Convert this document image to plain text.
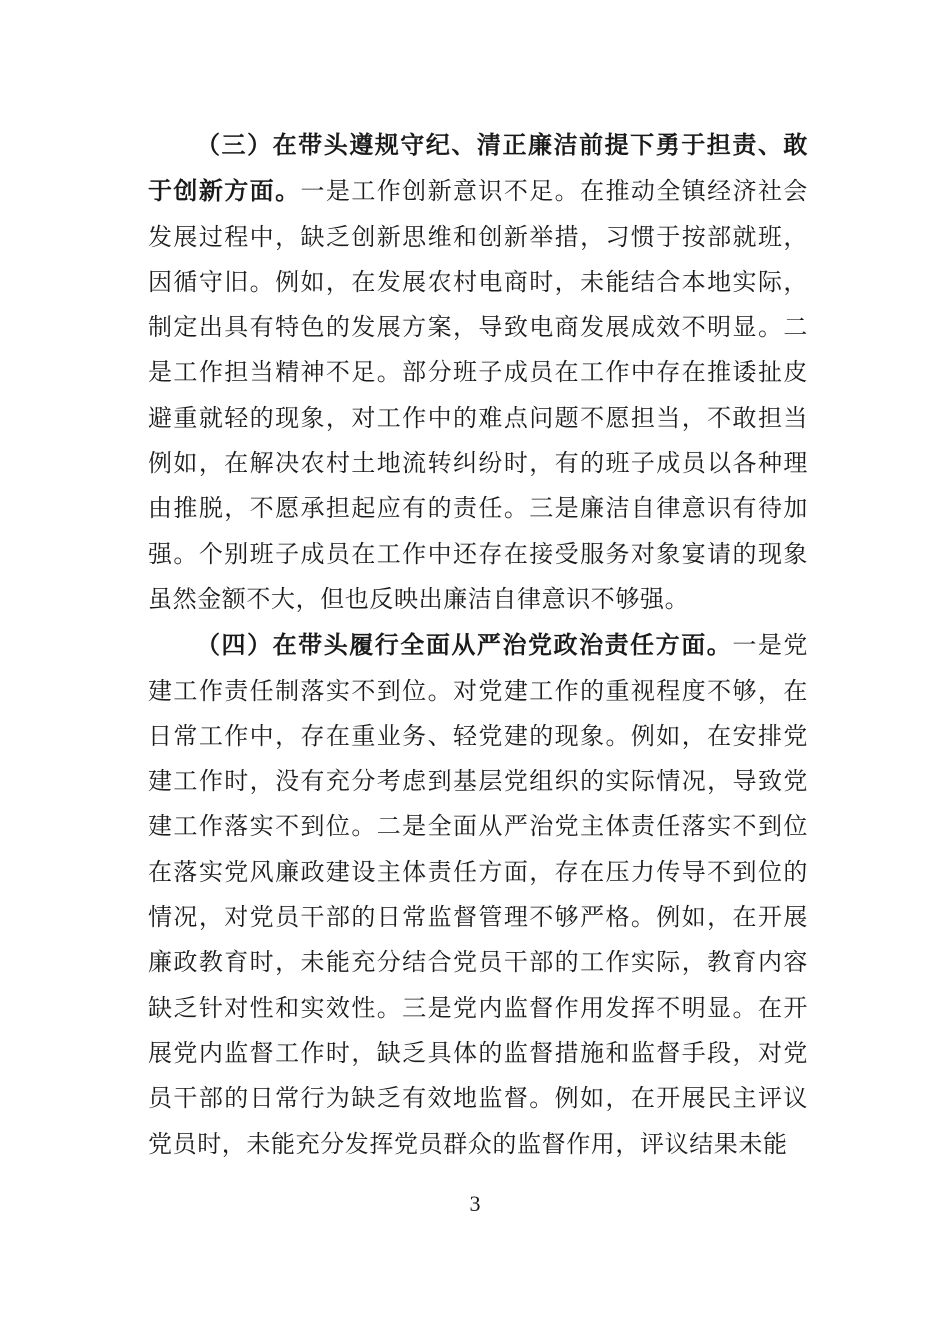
（三）在带头遵规守纪、清正廉洁前提下勇于担责、敢于创新方面。一是工作创新意识不足。在推动全镇经济社会发展过程中，缺乏创新思维和创新举措，习惯于按部就班，因循守旧。例如，在发展农村电商时，未能结合本地实际，制定出具有特色的发展方案，导致电商发展成效不明显。二是工作担当精神不足。部分班子成员在工作中存在推诿扯皮避重就轻的现象，对工作中的难点问题不愿担当，不敢担当例如，在解决农村土地流转纠纷时，有的班子成员以各种理由推脱，不愿承担起应有的责任。三是廉洁自律意识有待加强。个别班子成员在工作中还存在接受服务对象宴请的现象虽然金额不大，但也反映出廉洁自律意识不够强。

（四）在带头履行全面从严治党政治责任方面。一是党建工作责任制落实不到位。对党建工作的重视程度不够，在日常工作中，存在重业务、轻党建的现象。例如，在安排党建工作时，没有充分考虑到基层党组织的实际情况，导致党建工作落实不到位。二是全面从严治党主体责任落实不到位在落实党风廉政建设主体责任方面，存在压力传导不到位的情况，对党员干部的日常监督管理不够严格。例如，在开展廉政教育时，未能充分结合党员干部的工作实际，教育内容缺乏针对性和实效性。三是党内监督作用发挥不明显。在开展党内监督工作时，缺乏具体的监督措施和监督手段，对党员干部的日常行为缺乏有效地监督。例如，在开展民主评议党员时，未能充分发挥党员群众的监督作用，评议结果未能

3
